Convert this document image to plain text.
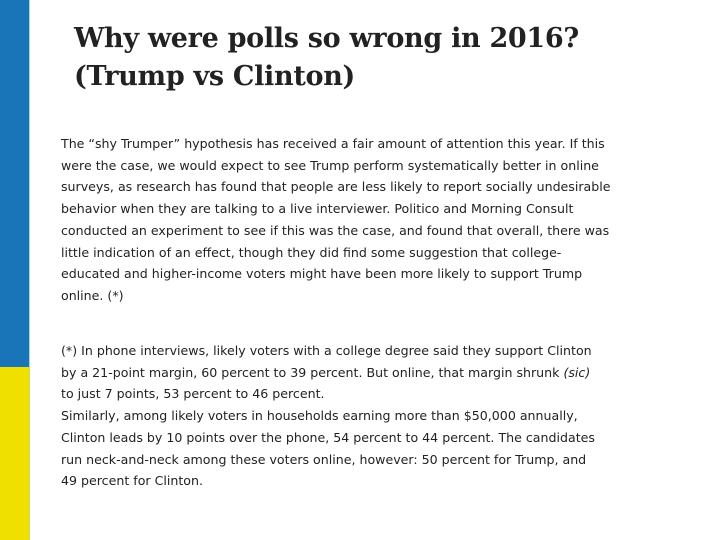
Why were polls so wrong in 2016?
(Trump vs Clinton)

The “shy Trumper” hypothesis has received a fair amount of attention this year. If this
were the case, we would expect to see Trump perform systematically better in online
surveys, as research has found that people are less likely to report socially undesirable
behavior when they are talking to a live interviewer. Politico and Morning Consult
conducted an experiment to see if this was the case, and found that overall, there was
little indication of an effect, though they did find some suggestion that college-
educated and higher-income voters might have been more likely to support Trump
online. (*)

(*) In phone interviews, likely voters with a college degree said they support Clinton
by a 21-point margin, 60 percent to 39 percent. But online, that margin shrunk (sic)
to just 7 points, 53 percent to 46 percent.
Similarly, among likely voters in households earning more than $50,000 annually,
Clinton leads by 10 points over the phone, 54 percent to 44 percent. The candidates
run neck-and-neck among these voters online, however: 50 percent for Trump, and
49 percent for Clinton.
